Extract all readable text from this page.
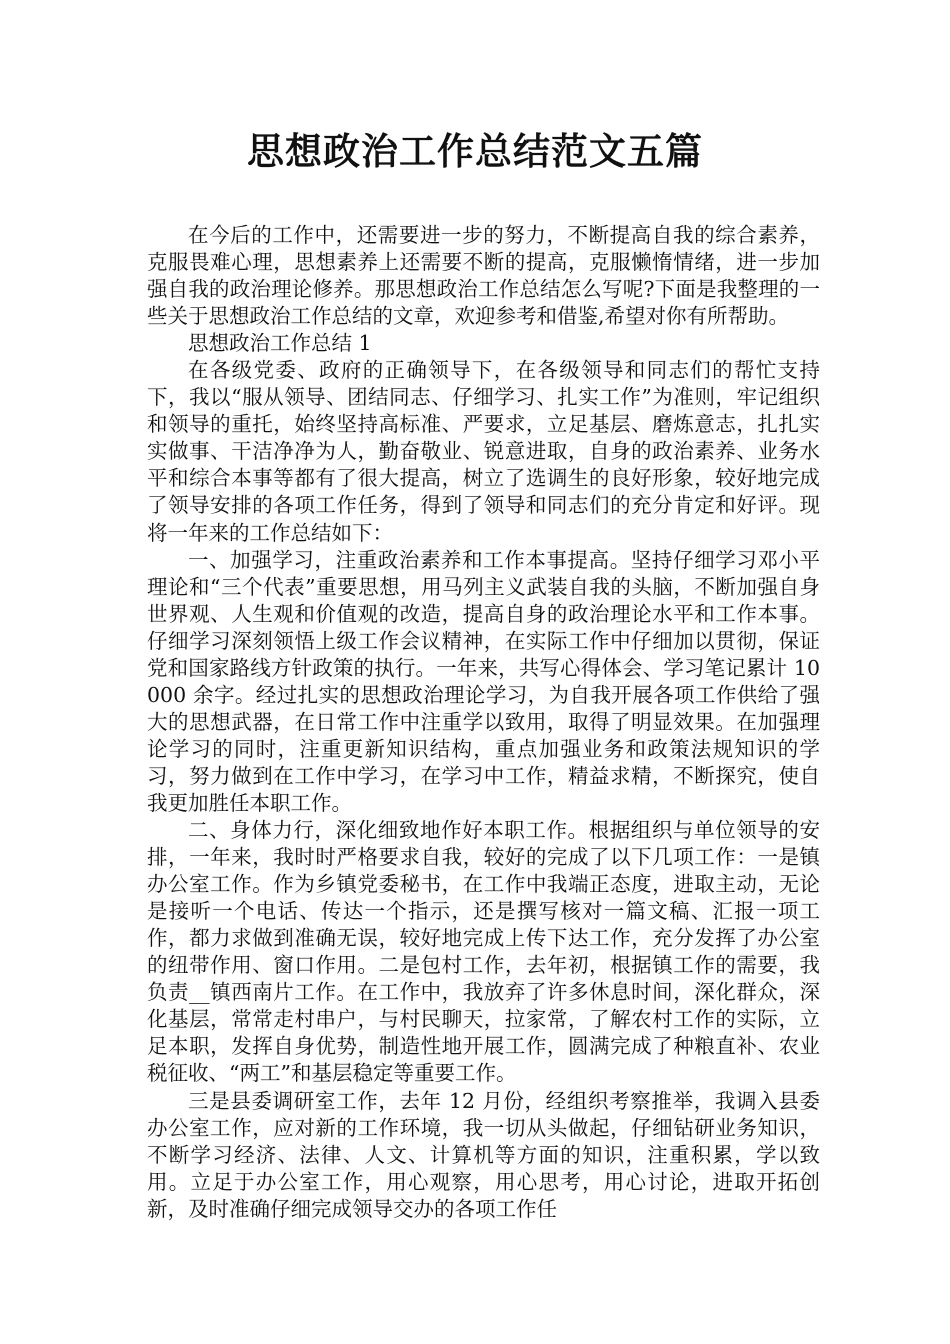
思想政治工作总结范文五篇

在今后的工作中，还需要进一步的努力，不断提高自我的综合素养，克服畏难心理，思想素养上还需要不断的提高，克服懒惰情绪，进一步加强自我的政治理论修养。那思想政治工作总结怎么写呢?下面是我整理的一些关于思想政治工作总结的文章，欢迎参考和借鉴,希望对你有所帮助。

思想政治工作总结 1

在各级党委、政府的正确领导下，在各级领导和同志们的帮忙支持下，我以“服从领导、团结同志、仔细学习、扎实工作”为准则，牢记组织和领导的重托，始终坚持高标准、严要求，立足基层、磨炼意志，扎扎实实做事、干洁净净为人，勤奋敬业、锐意进取，自身的政治素养、业务水平和综合本事等都有了很大提高，树立了选调生的良好形象，较好地完成了领导安排的各项工作任务，得到了领导和同志们的充分肯定和好评。现将一年来的工作总结如下：

一、加强学习，注重政治素养和工作本事提高。坚持仔细学习邓小平理论和“三个代表”重要思想，用马列主义武装自我的头脑，不断加强自身世界观、人生观和价值观的改造，提高自身的政治理论水平和工作本事。仔细学习深刻领悟上级工作会议精神，在实际工作中仔细加以贯彻，保证党和国家路线方针政策的执行。一年来，共写心得体会、学习笔记累计 10000 余字。经过扎实的思想政治理论学习，为自我开展各项工作供给了强大的思想武器，在日常工作中注重学以致用，取得了明显效果。在加强理论学习的同时，注重更新知识结构，重点加强业务和政策法规知识的学习，努力做到在工作中学习，在学习中工作，精益求精，不断探究，使自我更加胜任本职工作。

二、身体力行，深化细致地作好本职工作。根据组织与单位领导的安排，一年来，我时时严格要求自我，较好的完成了以下几项工作：一是镇办公室工作。作为乡镇党委秘书，在工作中我端正态度，进取主动，无论是接听一个电话、传达一个指示，还是撰写核对一篇文稿、汇报一项工作，都力求做到准确无误，较好地完成上传下达工作，充分发挥了办公室的纽带作用、窗口作用。二是包村工作，去年初，根据镇工作的需要，我负责__镇西南片工作。在工作中，我放弃了许多休息时间，深化群众，深化基层，常常走村串户，与村民聊天，拉家常，了解农村工作的实际，立足本职，发挥自身优势，制造性地开展工作，圆满完成了种粮直补、农业税征收、“两工”和基层稳定等重要工作。

三是县委调研室工作，去年 12 月份，经组织考察推举，我调入县委办公室工作，应对新的工作环境，我一切从头做起，仔细钻研业务知识，不断学习经济、法律、人文、计算机等方面的知识，注重积累，学以致用。立足于办公室工作，用心观察，用心思考，用心讨论，进取开拓创新，及时准确仔细完成领导交办的各项工作任
